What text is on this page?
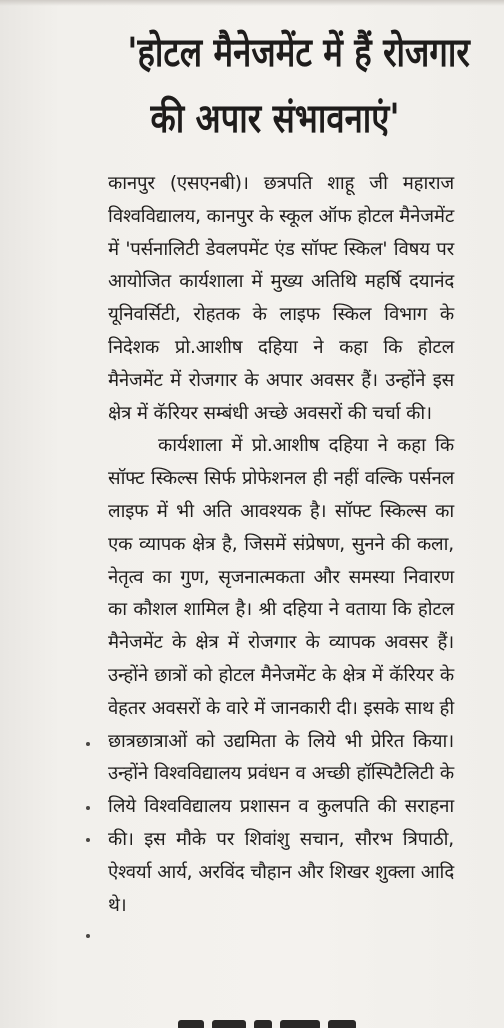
'होटल मैनेजमेंट में हैं रोजगार
की अपार संभावनाएं'

कानपुर (एसएनबी)। छत्रपति शाहू जी महाराज विश्वविद्यालय, कानपुर के स्कूल ऑफ होटल मैनेजमेंट में 'पर्सनालिटी डेवलपमेंट एंड सॉफ्ट स्किल' विषय पर आयोजित कार्यशाला में मुख्य अतिथि महर्षि दयानंद यूनिवर्सिटी, रोहतक के लाइफ स्किल विभाग के निदेशक प्रो.आशीष दहिया ने कहा कि होटल मैनेजमेंट में रोजगार के अपार अवसर हैं। उन्होंने इस क्षेत्र में कॅरियर सम्बंधी अच्छे अवसरों की चर्चा की।

कार्यशाला में प्रो.आशीष दहिया ने कहा कि सॉफ्ट स्किल्स सिर्फ प्रोफेशनल ही नहीं वल्कि पर्सनल लाइफ में भी अति आवश्यक है। सॉफ्ट स्किल्स का एक व्यापक क्षेत्र है, जिसमें संप्रेषण, सुनने की कला, नेतृत्व का गुण, सृजनात्मकता और समस्या निवारण का कौशल शामिल है। श्री दहिया ने वताया कि होटल मैनेजमेंट के क्षेत्र में रोजगार के व्यापक अवसर हैं। उन्होंने छात्रों को होटल मैनेजमेंट के क्षेत्र में कॅरियर के वेहतर अवसरों के वारे में जानकारी दी। इसके साथ ही छात्रछात्राओं को उद्यमिता के लिये भी प्रेरित किया। उन्होंने विश्वविद्यालय प्रवंधन व अच्छी हॉस्पिटैलिटी के लिये विश्वविद्यालय प्रशासन व कुलपति की सराहना की। इस मौके पर शिवांशु सचान, सौरभ त्रिपाठी, ऐश्वर्या आर्य, अरविंद चौहान और शिखर शुक्ला आदि थे।
